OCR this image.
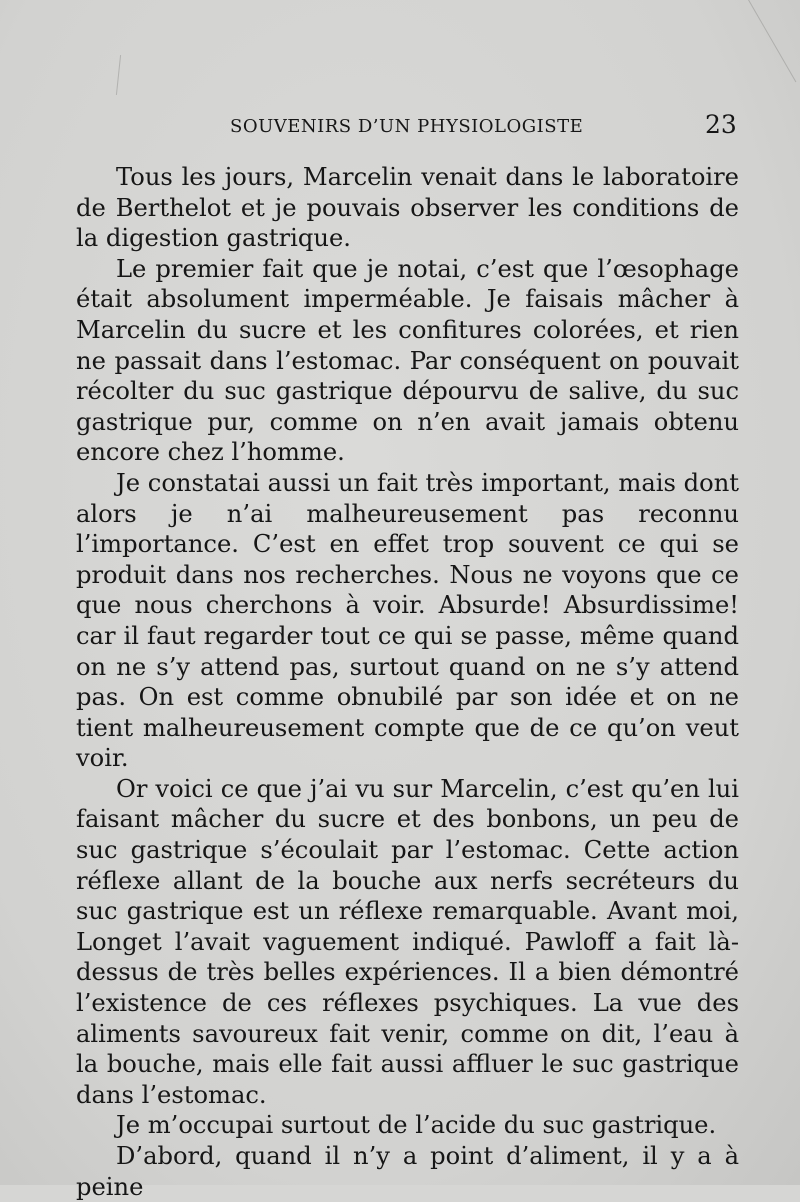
SOUVENIRS D’UN PHYSIOLOGISTE	23

Tous les jours, Marcelin venait dans le laboratoire de Berthelot et je pouvais observer les conditions de la digestion gastrique.

Le premier fait que je notai, c’est que l’œsophage était absolument imperméable. Je faisais mâcher à Marcelin du sucre et les confitures colorées, et rien ne passait dans l’estomac. Par conséquent on pouvait récolter du suc gastrique dépourvu de salive, du suc gastrique pur, comme on n’en avait jamais obtenu encore chez l’homme.

Je constatai aussi un fait très important, mais dont alors je n’ai malheureusement pas reconnu l’importance. C’est en effet trop souvent ce qui se produit dans nos recherches. Nous ne voyons que ce que nous cherchons à voir. Absurde! Absurdissime! car il faut regarder tout ce qui se passe, même quand on ne s’y attend pas, surtout quand on ne s’y attend pas. On est comme obnubilé par son idée et on ne tient malheureusement compte que de ce qu’on veut voir.

Or voici ce que j’ai vu sur Marcelin, c’est qu’en lui faisant mâcher du sucre et des bonbons, un peu de suc gastrique s’écoulait par l’estomac. Cette action réflexe allant de la bouche aux nerfs secréteurs du suc gastrique est un réflexe remarquable. Avant moi, Longet l’avait vaguement indiqué. Pawloff a fait là-dessus de très belles expériences. Il a bien démontré l’existence de ces réflexes psychiques. La vue des aliments savoureux fait venir, comme on dit, l’eau à la bouche, mais elle fait aussi affluer le suc gastrique dans l’estomac.

Je m’occupai surtout de l’acide du suc gastrique.

D’abord, quand il n’y a point d’aliment, il y a à peine
